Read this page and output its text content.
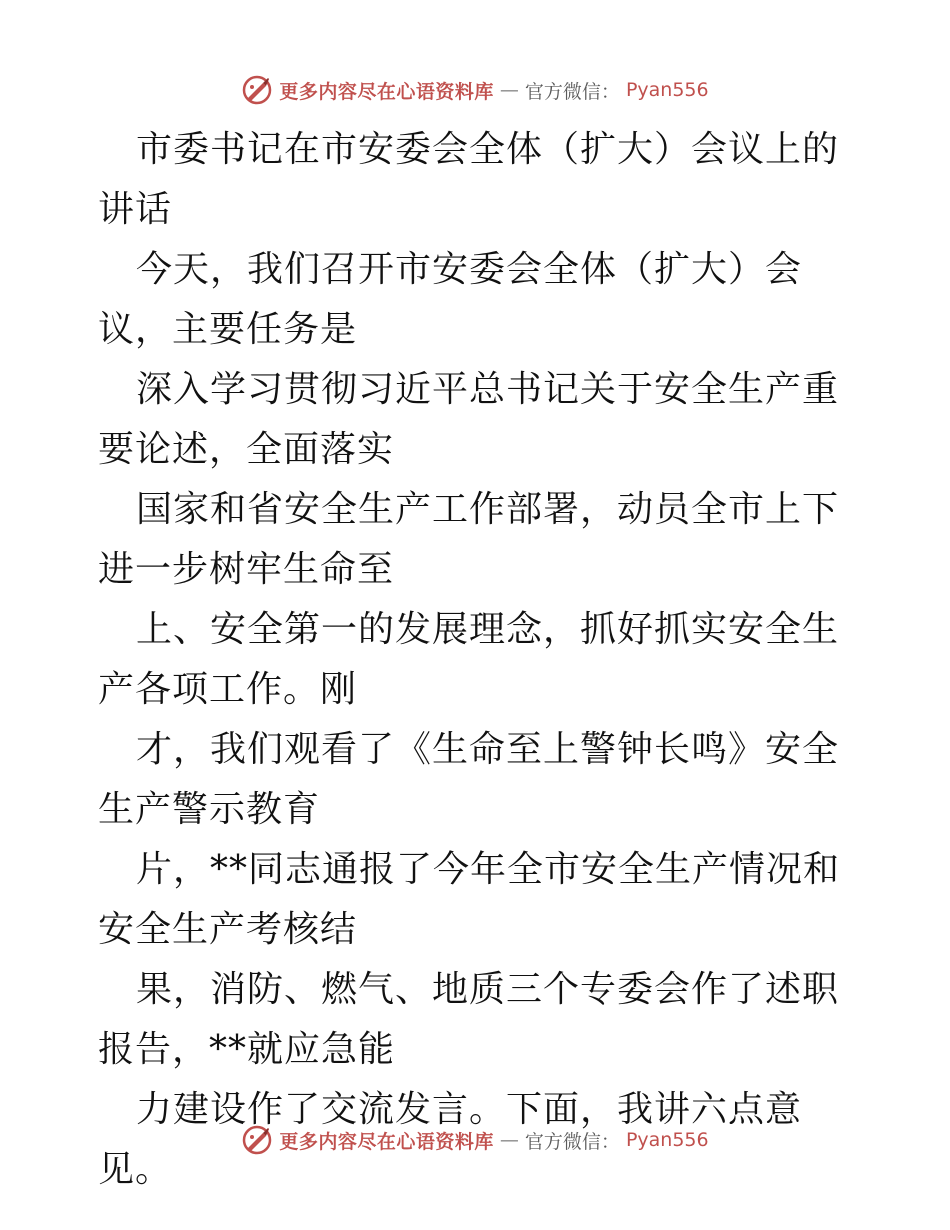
更多内容尽在心语资料库 — 官方微信： Pyan556

市委书记在市安委会全体（扩大）会议上的讲话

今天，我们召开市安委会全体（扩大）会议，主要任务是

深入学习贯彻习近平总书记关于安全生产重要论述，全面落实

国家和省安全生产工作部署，动员全市上下进一步树牢生命至

上、安全第一的发展理念，抓好抓实安全生产各项工作。刚

才，我们观看了《生命至上警钟长鸣》安全生产警示教育

片，**同志通报了今年全市安全生产情况和安全生产考核结

果，消防、燃气、地质三个专委会作了述职报告，**就应急能

力建设作了交流发言。下面，我讲六点意见。

更多内容尽在心语资料库 — 官方微信： Pyan556
